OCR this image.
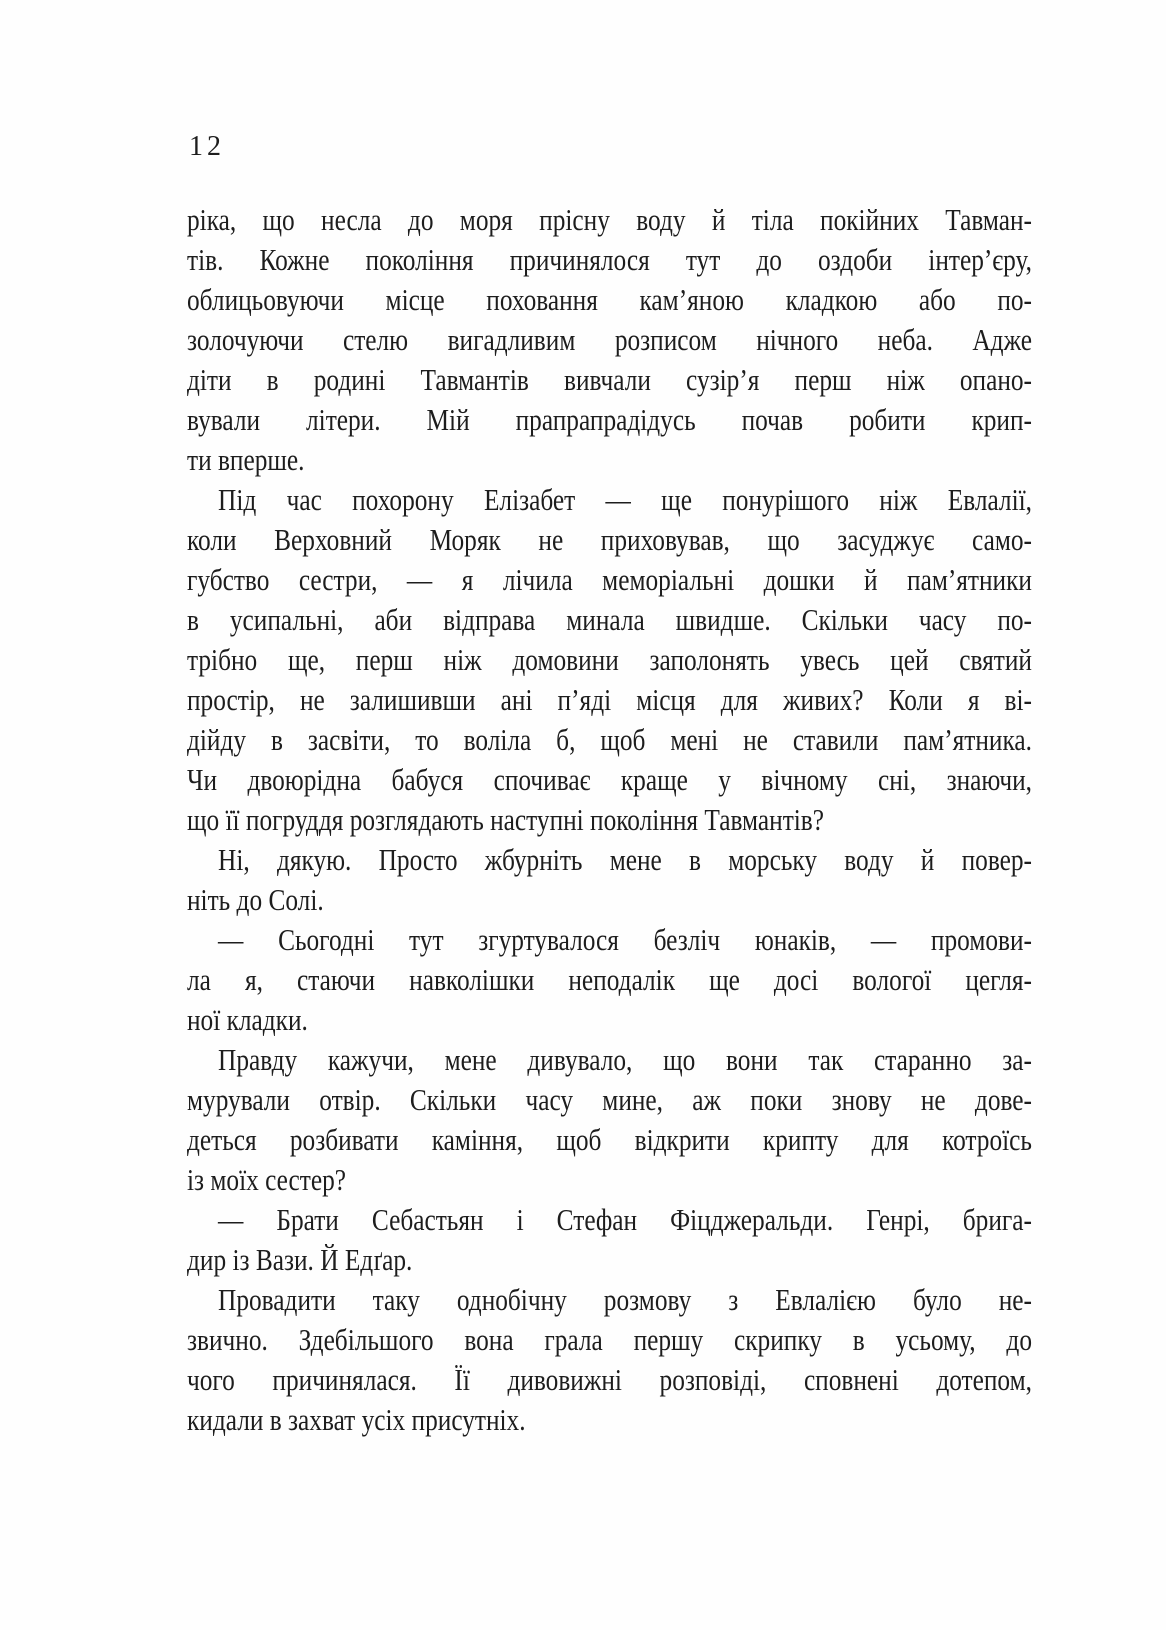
12
ріка, що несла до моря прісну воду й тіла покійних Тавман-
тів. Кожне покоління причинялося тут до оздоби інтер’єру,
облицьовуючи місце поховання кам’яною кладкою або по-
золочуючи стелю вигадливим розписом нічного неба. Адже
діти в родині Тавмантів вивчали сузір’я перш ніж опано-
вували літери. Мій прапрапрадідусь почав робити крип-
ти вперше.
Під час похорону Елізабет — ще понурішого ніж Евлалії,
коли Верховний Моряк не приховував, що засуджує само-
губство сестри, — я лічила меморіальні дошки й пам’ятники
в усипальні, аби відправа минала швидше. Скільки часу по-
трібно ще, перш ніж домовини заполонять увесь цей святий
простір, не залишивши ані п’яді місця для живих? Коли я ві-
дійду в засвіти, то воліла б, щоб мені не ставили пам’ятника.
Чи двоюрідна бабуся спочиває краще у вічному сні, знаючи,
що її погруддя розглядають наступні покоління Тавмантів?
Ні, дякую. Просто жбурніть мене в морську воду й повер-
ніть до Солі.
— Сьогодні тут згуртувалося безліч юнаків, — промови-
ла я, стаючи навколішки неподалік ще досі вологої цегля-
ної кладки.
Правду кажучи, мене дивувало, що вони так старанно за-
мурували отвір. Скільки часу мине, аж поки знову не дове-
деться розбивати каміння, щоб відкрити крипту для котроїсь
із моїх сестер?
— Брати Себастьян і Стефан Фіцджеральди. Генрі, брига-
дир із Вази. Й Едґар.
Провадити таку однобічну розмову з Евлалією було не-
звично. Здебільшого вона грала першу скрипку в усьому, до
чого причинялася. Її дивовижні розповіді, сповнені дотепом,
кидали в захват усіх присутніх.
